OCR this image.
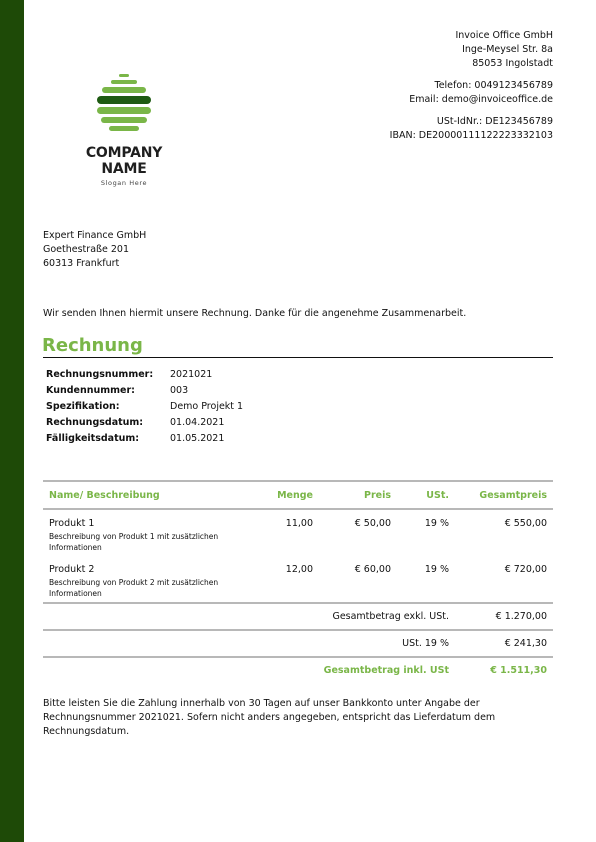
Invoice Office GmbH
Inge-Meysel Str. 8a
85053 Ingolstadt
Telefon: 0049123456789
Email: demo@invoiceoffice.de
USt-IdNr.: DE123456789
IBAN: DE20000111122223332103
COMPANY NAME
Slogan Here
Expert Finance GmbH
Goethestraße 201
60313 Frankfurt
Wir senden Ihnen hiermit unsere Rechnung. Danke für die angenehme Zusammenarbeit.
Rechnung
Rechnungsnummer:	2021021
Kundennummer:	003
Spezifikation:	Demo Projekt 1
Rechnungsdatum:	01.04.2021
Fälligkeitsdatum:	01.05.2021
Name/ Beschreibung	Menge	Preis	USt.	Gesamtpreis

Produkt 1
Beschreibung von Produkt 1 mit zusätzlichen Informationen	11,00	€ 50,00	19 %	€ 550,00

Produkt 2
Beschreibung von Produkt 2 mit zusätzlichen Informationen	12,00	€ 60,00	19 %	€ 720,00
Gesamtbetrag exkl. USt.				€ 1.270,00
USt. 19 %				€ 241,30
Gesamtbetrag inkl. USt				€ 1.511,30
Bitte leisten Sie die Zahlung innerhalb von 30 Tagen auf unser Bankkonto unter Angabe der Rechnungsnummer 2021021. Sofern nicht anders angegeben, entspricht das Lieferdatum dem Rechnungsdatum.
